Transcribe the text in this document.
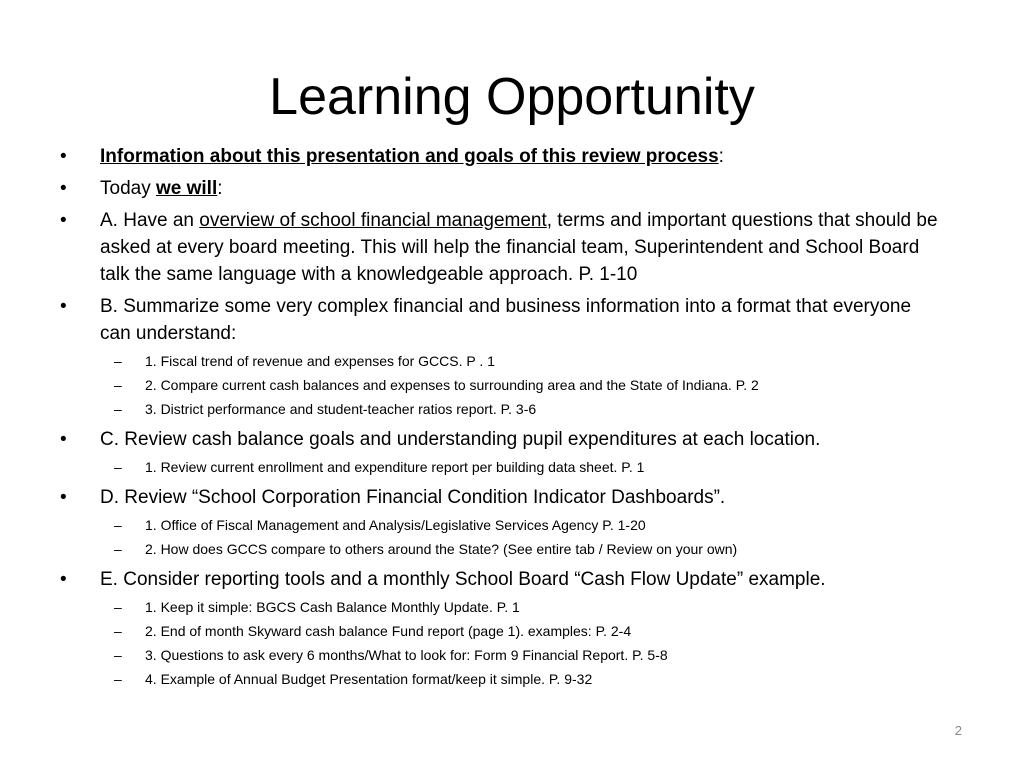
Learning Opportunity
•	Information about this presentation and goals of this review process:
•	Today we will:
•	A. Have an overview of school financial management, terms and important questions that should be asked at every board meeting. This will help the financial team, Superintendent and School Board talk the same language with a knowledgeable approach. P. 1-10
•	B. Summarize some very complex financial and business information into a format that everyone can understand:
– 1. Fiscal trend of revenue and expenses for GCCS. P . 1
– 2. Compare current cash balances and expenses to surrounding area and the State of Indiana. P. 2
– 3. District performance and student-teacher ratios report. P. 3-6
•	C. Review cash balance goals and understanding pupil expenditures at each location.
– 1. Review current enrollment and expenditure report per building data sheet. P. 1
•	D. Review “School Corporation Financial Condition Indicator Dashboards”.
– 1. Office of Fiscal Management and Analysis/Legislative Services Agency P. 1-20
– 2. How does GCCS compare to others around the State? (See entire tab / Review on your own)
•	E. Consider reporting tools and a monthly School Board “Cash Flow Update” example.
– 1. Keep it simple: BGCS Cash Balance Monthly Update. P. 1
– 2. End of month Skyward cash balance Fund report (page 1). examples: P. 2-4
– 3. Questions to ask every 6 months/What to look for: Form 9 Financial Report. P. 5-8
– 4. Example of Annual Budget Presentation format/keep it simple. P. 9-32
2
